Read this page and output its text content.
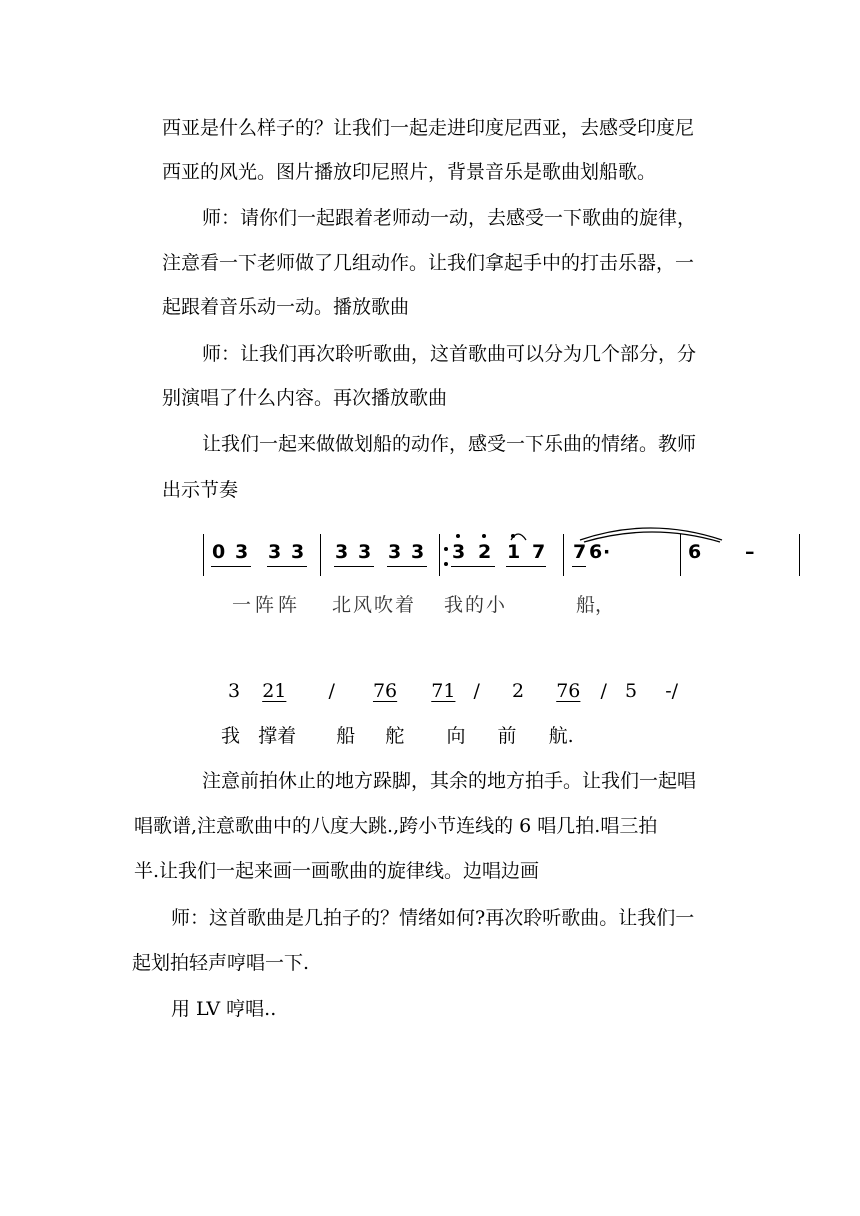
西亚是什么样子的？让我们一起走进印度尼西亚，去感受印度尼
西亚的风光。图片播放印尼照片，背景音乐是歌曲划船歌。
师：请你们一起跟着老师动一动，去感受一下歌曲的旋律，
注意看一下老师做了几组动作。让我们拿起手中的打击乐器，一
起跟着音乐动一动。播放歌曲
师：让我们再次聆听歌曲，这首歌曲可以分为几个部分，分
别演唱了什么内容。再次播放歌曲
让我们一起来做做划船的动作，感受一下乐曲的情绪。教师
出示节奏
0 3 3 3 3 3 3 3 3 2 1 7 7 6 ·	6 –
一阵阵 北风吹着 我的小	船，
3 21 / 76 71 / 2 76 / 5 -/
我 撑着 船 舵 向 前 航.
注意前拍休止的地方跺脚，其余的地方拍手。让我们一起唱
唱歌谱,注意歌曲中的八度大跳.,跨小节连线的 6 唱几拍.唱三拍
半.让我们一起来画一画歌曲的旋律线。边唱边画
师：这首歌曲是几拍子的？情绪如何?再次聆听歌曲。让我们一
起划拍轻声哼唱一下.
用 LV 哼唱..
